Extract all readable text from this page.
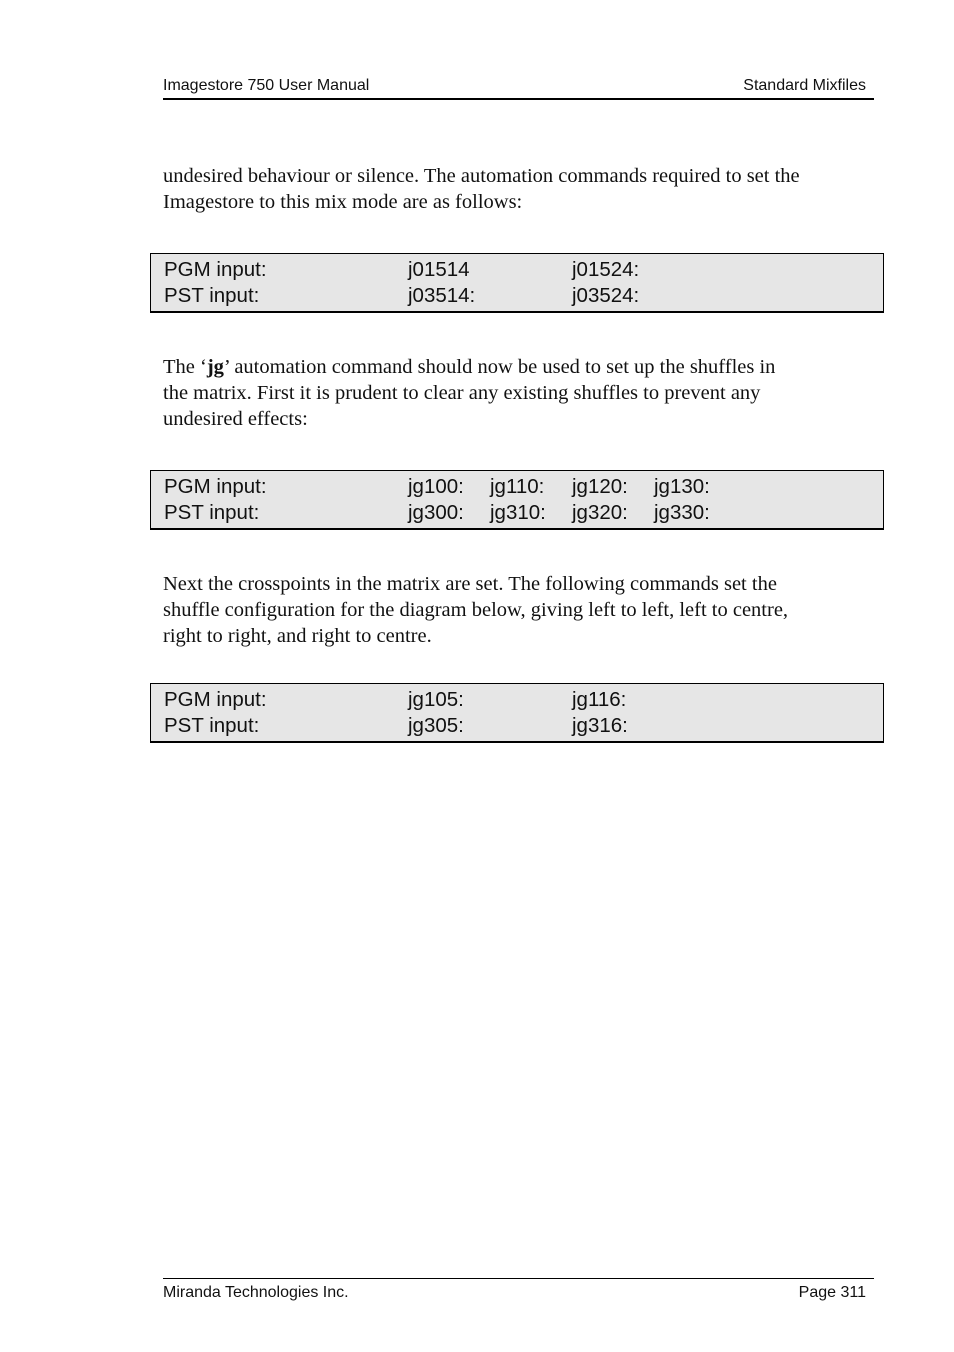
Imagestore 750 User Manual	Standard Mixfiles

undesired behaviour or silence. The automation commands required to set the

Imagestore to this mix mode are as follows:

PGM input:	j01514	j01524:
PST input:	j03514:	j03524:

The ‘jg’ automation command should now be used to set up the shuffles in

the matrix. First it is prudent to clear any existing shuffles to prevent any

undesired effects:

PGM input:	jg100: jg110: jg120: jg130:
PST input:	jg300: jg310: jg320: jg330:

Next the crosspoints in the matrix are set. The following commands set the

shuffle configuration for the diagram below, giving left to left, left to centre,

right to right, and right to centre.

PGM input:	jg105:	jg116:
PST input:	jg305:	jg316:
Miranda Technologies Inc.	Page 311
